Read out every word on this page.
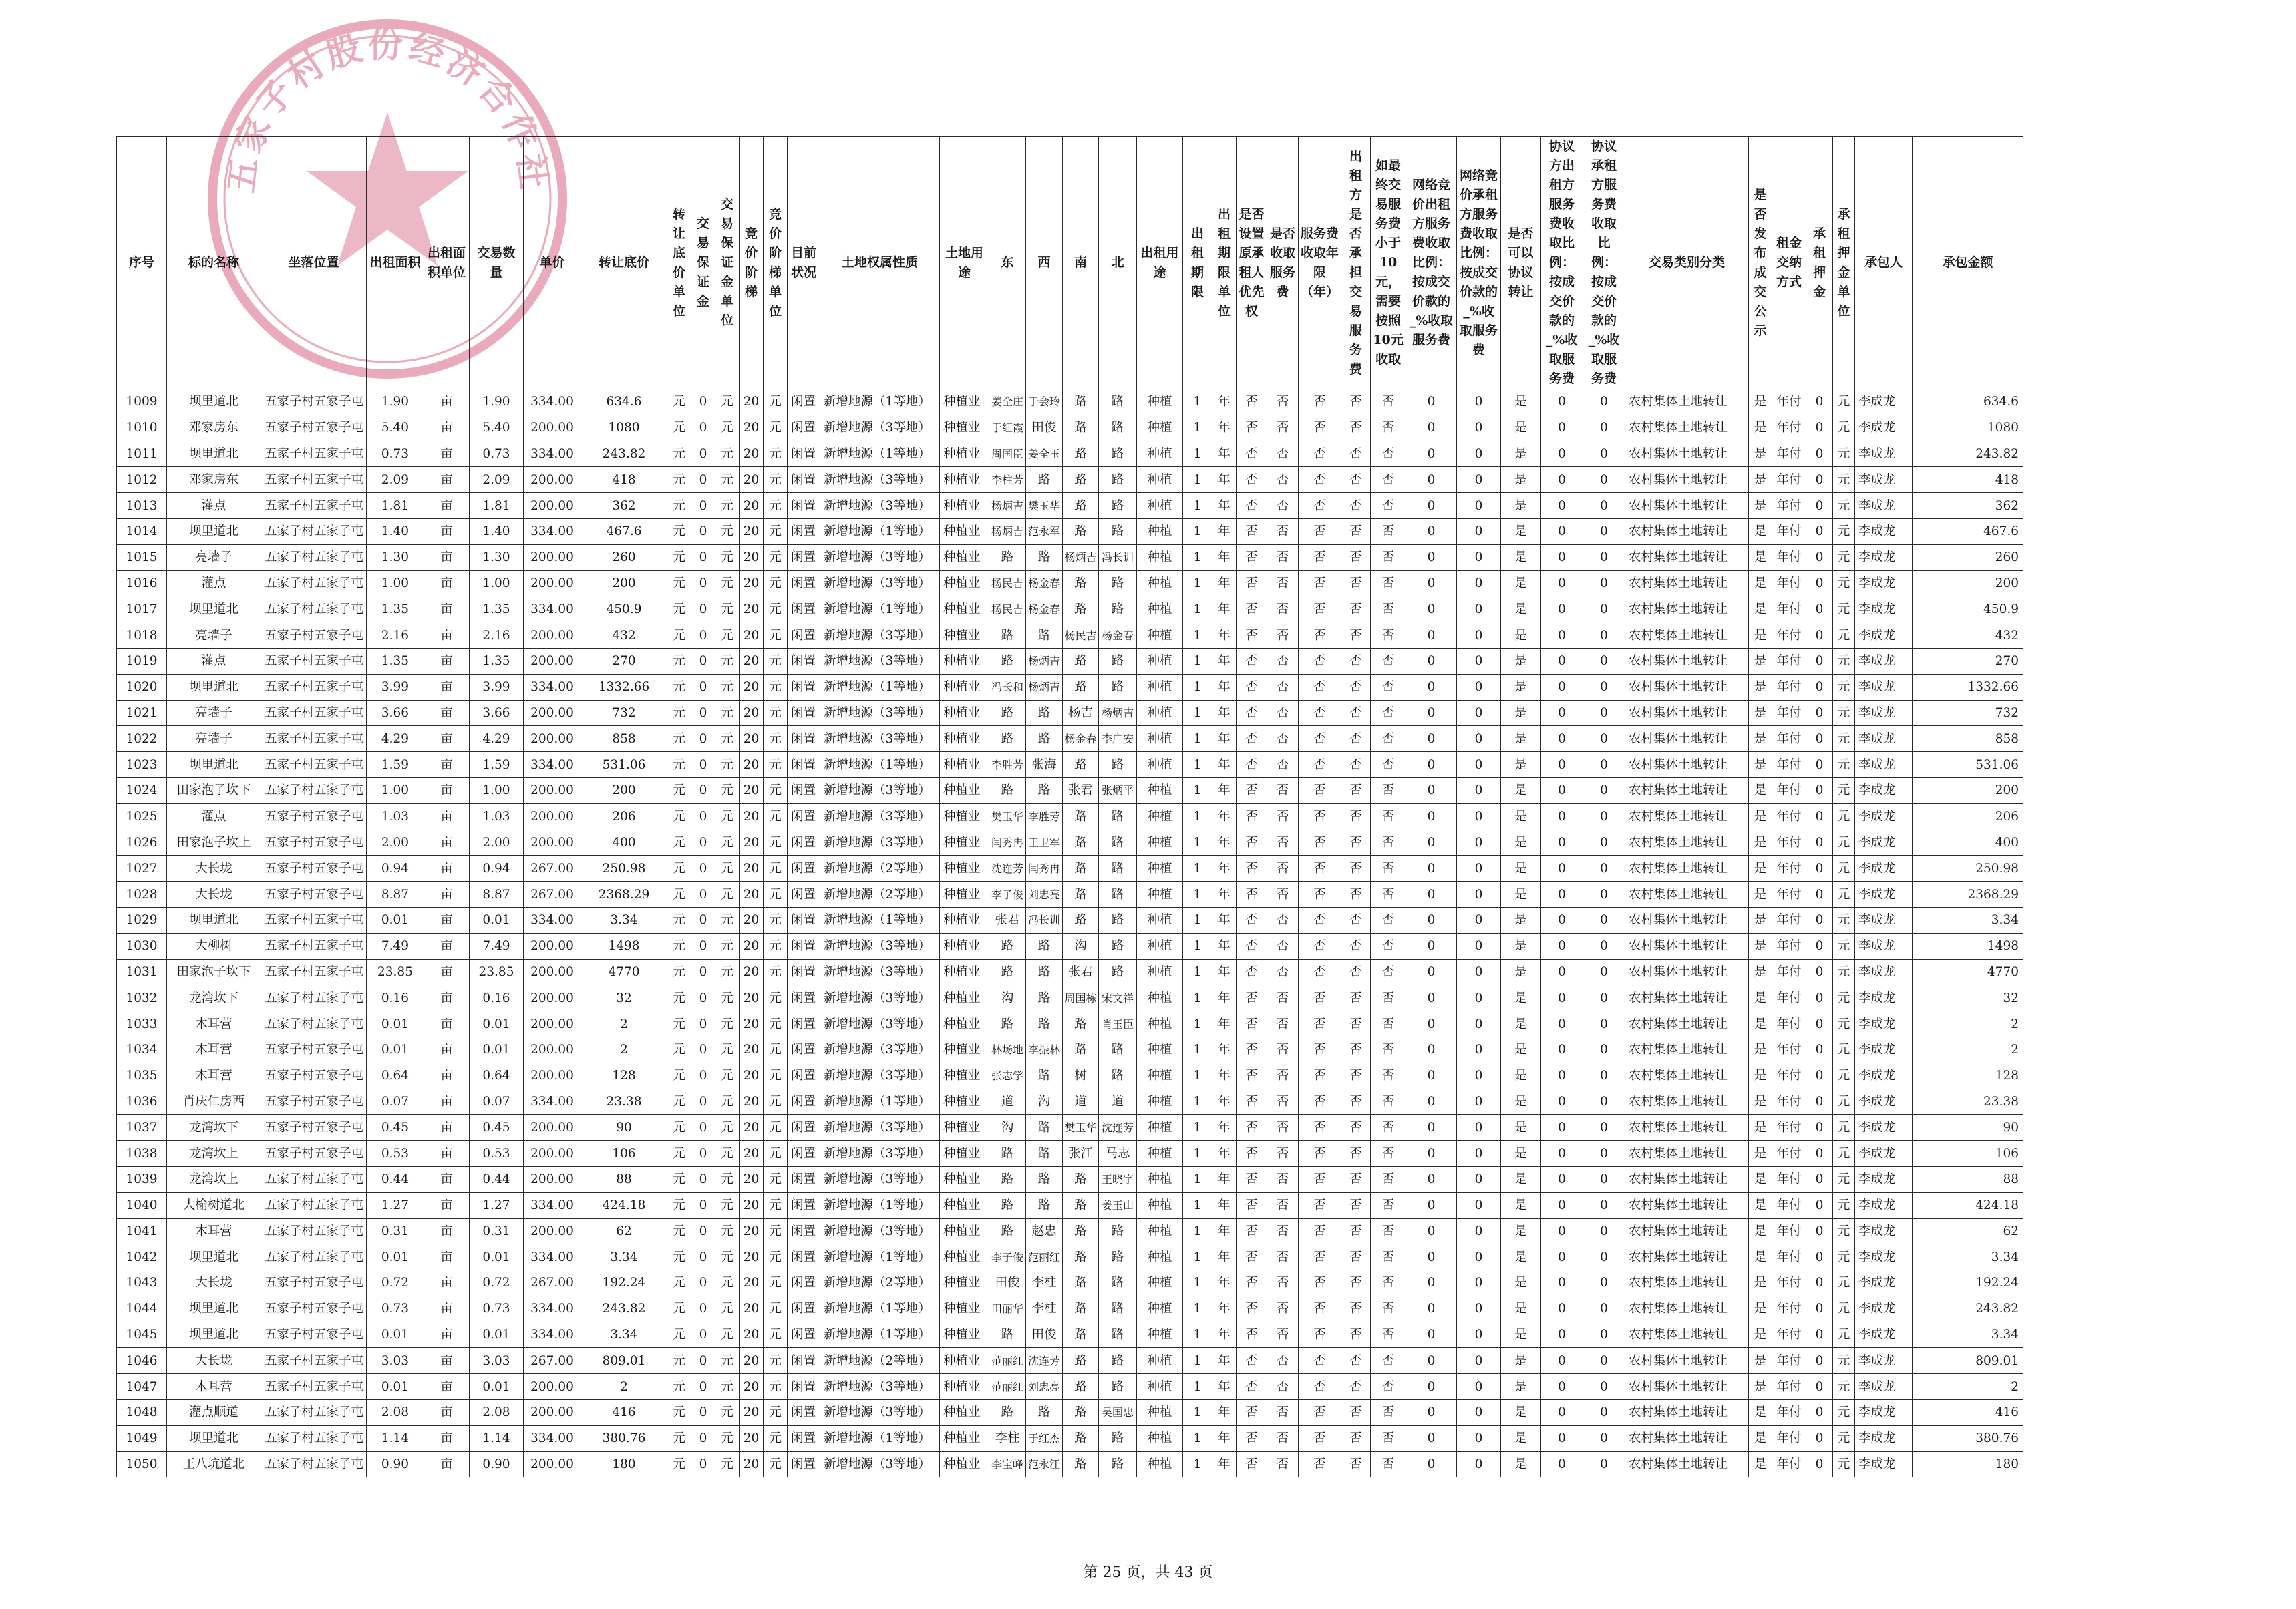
五家子村股份经济合作社
序号	标的名称	坐落位置	出租面积	出租面积单位	交易数量	单价	转让底价	转让底价单位	交易保证金	交易保证金单位	竞价阶梯	竞价阶梯单位	目前状况	土地权属性质	土地用途	东	西	南	北	出租用途	出租期限	出租期限单位	是否设置原承租人优先权	是否收取服务费	服务费收取年限（年）	出租方是否承担交易服务费	如最终交易服务费小于10元，需要按照10元收取	网络竞价出租方服务费收取比例：按成交价款的_%收取服务费	网络竞价承租方服务费收取比例：按成交价款的_%收取服务费	是否可以协议转让	协议方出租方服务费收取比例：按成交价款的_%收取服务费	协议承租方服务费收取比例：按成交价款的_%收取服务费	交易类别分类	是否发布成交公示	租金交纳方式	承租押金	承租押金单位	承包人	承包金额
1009	坝里道北	五家子村五家子屯	1.90	亩	1.90	334.00	634.6	元	0	元	20	元	闲置	新增地源（1等地）	种植业	姜全庄	于会玲	路	路	种植	1	年	否	否	否	否	否	0	0	是	0	0	农村集体土地转让	是	年付	0	元	李成龙	634.6
1010	邓家房东	五家子村五家子屯	5.40	亩	5.40	200.00	1080	元	0	元	20	元	闲置	新增地源（3等地）	种植业	于红霞	田俊	路	路	种植	1	年	否	否	否	否	否	0	0	是	0	0	农村集体土地转让	是	年付	0	元	李成龙	1080
1011	坝里道北	五家子村五家子屯	0.73	亩	0.73	334.00	243.82	元	0	元	20	元	闲置	新增地源（1等地）	种植业	周国臣	姜全玉	路	路	种植	1	年	否	否	否	否	否	0	0	是	0	0	农村集体土地转让	是	年付	0	元	李成龙	243.82
1012	邓家房东	五家子村五家子屯	2.09	亩	2.09	200.00	418	元	0	元	20	元	闲置	新增地源（3等地）	种植业	李柱芳	路	路	路	种植	1	年	否	否	否	否	否	0	0	是	0	0	农村集体土地转让	是	年付	0	元	李成龙	418
1013	灌点	五家子村五家子屯	1.81	亩	1.81	200.00	362	元	0	元	20	元	闲置	新增地源（3等地）	种植业	杨炳吉	樊玉华	路	路	种植	1	年	否	否	否	否	否	0	0	是	0	0	农村集体土地转让	是	年付	0	元	李成龙	362
1014	坝里道北	五家子村五家子屯	1.40	亩	1.40	334.00	467.6	元	0	元	20	元	闲置	新增地源（1等地）	种植业	杨炳吉	范永军	路	路	种植	1	年	否	否	否	否	否	0	0	是	0	0	农村集体土地转让	是	年付	0	元	李成龙	467.6
1015	亮墙子	五家子村五家子屯	1.30	亩	1.30	200.00	260	元	0	元	20	元	闲置	新增地源（3等地）	种植业	路	路	杨炳吉	冯长训	种植	1	年	否	否	否	否	否	0	0	是	0	0	农村集体土地转让	是	年付	0	元	李成龙	260
1016	灌点	五家子村五家子屯	1.00	亩	1.00	200.00	200	元	0	元	20	元	闲置	新增地源（3等地）	种植业	杨民吉	杨金春	路	路	种植	1	年	否	否	否	否	否	0	0	是	0	0	农村集体土地转让	是	年付	0	元	李成龙	200
1017	坝里道北	五家子村五家子屯	1.35	亩	1.35	334.00	450.9	元	0	元	20	元	闲置	新增地源（1等地）	种植业	杨民吉	杨金春	路	路	种植	1	年	否	否	否	否	否	0	0	是	0	0	农村集体土地转让	是	年付	0	元	李成龙	450.9
1018	亮墙子	五家子村五家子屯	2.16	亩	2.16	200.00	432	元	0	元	20	元	闲置	新增地源（3等地）	种植业	路	路	杨民吉	杨金春	种植	1	年	否	否	否	否	否	0	0	是	0	0	农村集体土地转让	是	年付	0	元	李成龙	432
1019	灌点	五家子村五家子屯	1.35	亩	1.35	200.00	270	元	0	元	20	元	闲置	新增地源（3等地）	种植业	路	杨炳吉	路	路	种植	1	年	否	否	否	否	否	0	0	是	0	0	农村集体土地转让	是	年付	0	元	李成龙	270
1020	坝里道北	五家子村五家子屯	3.99	亩	3.99	334.00	1332.66	元	0	元	20	元	闲置	新增地源（1等地）	种植业	冯长和	杨炳吉	路	路	种植	1	年	否	否	否	否	否	0	0	是	0	0	农村集体土地转让	是	年付	0	元	李成龙	1332.66
1021	亮墙子	五家子村五家子屯	3.66	亩	3.66	200.00	732	元	0	元	20	元	闲置	新增地源（3等地）	种植业	路	路	杨吉	杨炳吉	种植	1	年	否	否	否	否	否	0	0	是	0	0	农村集体土地转让	是	年付	0	元	李成龙	732
1022	亮墙子	五家子村五家子屯	4.29	亩	4.29	200.00	858	元	0	元	20	元	闲置	新增地源（3等地）	种植业	路	路	杨金春	李广安	种植	1	年	否	否	否	否	否	0	0	是	0	0	农村集体土地转让	是	年付	0	元	李成龙	858
1023	坝里道北	五家子村五家子屯	1.59	亩	1.59	334.00	531.06	元	0	元	20	元	闲置	新增地源（1等地）	种植业	李胜芳	张海	路	路	种植	1	年	否	否	否	否	否	0	0	是	0	0	农村集体土地转让	是	年付	0	元	李成龙	531.06
1024	田家泡子坎下	五家子村五家子屯	1.00	亩	1.00	200.00	200	元	0	元	20	元	闲置	新增地源（3等地）	种植业	路	路	张君	张炳平	种植	1	年	否	否	否	否	否	0	0	是	0	0	农村集体土地转让	是	年付	0	元	李成龙	200
1025	灌点	五家子村五家子屯	1.03	亩	1.03	200.00	206	元	0	元	20	元	闲置	新增地源（3等地）	种植业	樊玉华	李胜芳	路	路	种植	1	年	否	否	否	否	否	0	0	是	0	0	农村集体土地转让	是	年付	0	元	李成龙	206
1026	田家泡子坎上	五家子村五家子屯	2.00	亩	2.00	200.00	400	元	0	元	20	元	闲置	新增地源（3等地）	种植业	闫秀冉	王卫军	路	路	种植	1	年	否	否	否	否	否	0	0	是	0	0	农村集体土地转让	是	年付	0	元	李成龙	400
1027	大长垅	五家子村五家子屯	0.94	亩	0.94	267.00	250.98	元	0	元	20	元	闲置	新增地源（2等地）	种植业	沈连芳	闫秀冉	路	路	种植	1	年	否	否	否	否	否	0	0	是	0	0	农村集体土地转让	是	年付	0	元	李成龙	250.98
1028	大长垅	五家子村五家子屯	8.87	亩	8.87	267.00	2368.29	元	0	元	20	元	闲置	新增地源（2等地）	种植业	李子俊	刘忠亮	路	路	种植	1	年	否	否	否	否	否	0	0	是	0	0	农村集体土地转让	是	年付	0	元	李成龙	2368.29
1029	坝里道北	五家子村五家子屯	0.01	亩	0.01	334.00	3.34	元	0	元	20	元	闲置	新增地源（1等地）	种植业	张君	冯长训	路	路	种植	1	年	否	否	否	否	否	0	0	是	0	0	农村集体土地转让	是	年付	0	元	李成龙	3.34
1030	大柳树	五家子村五家子屯	7.49	亩	7.49	200.00	1498	元	0	元	20	元	闲置	新增地源（3等地）	种植业	路	路	沟	路	种植	1	年	否	否	否	否	否	0	0	是	0	0	农村集体土地转让	是	年付	0	元	李成龙	1498
1031	田家泡子坎下	五家子村五家子屯	23.85	亩	23.85	200.00	4770	元	0	元	20	元	闲置	新增地源（3等地）	种植业	路	路	张君	路	种植	1	年	否	否	否	否	否	0	0	是	0	0	农村集体土地转让	是	年付	0	元	李成龙	4770
1032	龙湾坎下	五家子村五家子屯	0.16	亩	0.16	200.00	32	元	0	元	20	元	闲置	新增地源（3等地）	种植业	沟	路	周国栋	宋文祥	种植	1	年	否	否	否	否	否	0	0	是	0	0	农村集体土地转让	是	年付	0	元	李成龙	32
1033	木耳营	五家子村五家子屯	0.01	亩	0.01	200.00	2	元	0	元	20	元	闲置	新增地源（3等地）	种植业	路	路	路	肖玉臣	种植	1	年	否	否	否	否	否	0	0	是	0	0	农村集体土地转让	是	年付	0	元	李成龙	2
1034	木耳营	五家子村五家子屯	0.01	亩	0.01	200.00	2	元	0	元	20	元	闲置	新增地源（3等地）	种植业	林场地	李振林	路	路	种植	1	年	否	否	否	否	否	0	0	是	0	0	农村集体土地转让	是	年付	0	元	李成龙	2
1035	木耳营	五家子村五家子屯	0.64	亩	0.64	200.00	128	元	0	元	20	元	闲置	新增地源（3等地）	种植业	张志学	路	树	路	种植	1	年	否	否	否	否	否	0	0	是	0	0	农村集体土地转让	是	年付	0	元	李成龙	128
1036	肖庆仁房西	五家子村五家子屯	0.07	亩	0.07	334.00	23.38	元	0	元	20	元	闲置	新增地源（1等地）	种植业	道	沟	道	道	种植	1	年	否	否	否	否	否	0	0	是	0	0	农村集体土地转让	是	年付	0	元	李成龙	23.38
1037	龙湾坎下	五家子村五家子屯	0.45	亩	0.45	200.00	90	元	0	元	20	元	闲置	新增地源（3等地）	种植业	沟	路	樊玉华	沈连芳	种植	1	年	否	否	否	否	否	0	0	是	0	0	农村集体土地转让	是	年付	0	元	李成龙	90
1038	龙湾坎上	五家子村五家子屯	0.53	亩	0.53	200.00	106	元	0	元	20	元	闲置	新增地源（3等地）	种植业	路	路	张江	马志	种植	1	年	否	否	否	否	否	0	0	是	0	0	农村集体土地转让	是	年付	0	元	李成龙	106
1039	龙湾坎上	五家子村五家子屯	0.44	亩	0.44	200.00	88	元	0	元	20	元	闲置	新增地源（3等地）	种植业	路	路	路	王晓宇	种植	1	年	否	否	否	否	否	0	0	是	0	0	农村集体土地转让	是	年付	0	元	李成龙	88
1040	大榆树道北	五家子村五家子屯	1.27	亩	1.27	334.00	424.18	元	0	元	20	元	闲置	新增地源（1等地）	种植业	路	路	路	姜玉山	种植	1	年	否	否	否	否	否	0	0	是	0	0	农村集体土地转让	是	年付	0	元	李成龙	424.18
1041	木耳营	五家子村五家子屯	0.31	亩	0.31	200.00	62	元	0	元	20	元	闲置	新增地源（3等地）	种植业	路	赵忠	路	路	种植	1	年	否	否	否	否	否	0	0	是	0	0	农村集体土地转让	是	年付	0	元	李成龙	62
1042	坝里道北	五家子村五家子屯	0.01	亩	0.01	334.00	3.34	元	0	元	20	元	闲置	新增地源（1等地）	种植业	李子俊	范丽红	路	路	种植	1	年	否	否	否	否	否	0	0	是	0	0	农村集体土地转让	是	年付	0	元	李成龙	3.34
1043	大长垅	五家子村五家子屯	0.72	亩	0.72	267.00	192.24	元	0	元	20	元	闲置	新增地源（2等地）	种植业	田俊	李柱	路	路	种植	1	年	否	否	否	否	否	0	0	是	0	0	农村集体土地转让	是	年付	0	元	李成龙	192.24
1044	坝里道北	五家子村五家子屯	0.73	亩	0.73	334.00	243.82	元	0	元	20	元	闲置	新增地源（1等地）	种植业	田丽华	李柱	路	路	种植	1	年	否	否	否	否	否	0	0	是	0	0	农村集体土地转让	是	年付	0	元	李成龙	243.82
1045	坝里道北	五家子村五家子屯	0.01	亩	0.01	334.00	3.34	元	0	元	20	元	闲置	新增地源（1等地）	种植业	路	田俊	路	路	种植	1	年	否	否	否	否	否	0	0	是	0	0	农村集体土地转让	是	年付	0	元	李成龙	3.34
1046	大长垅	五家子村五家子屯	3.03	亩	3.03	267.00	809.01	元	0	元	20	元	闲置	新增地源（2等地）	种植业	范丽红	沈连芳	路	路	种植	1	年	否	否	否	否	否	0	0	是	0	0	农村集体土地转让	是	年付	0	元	李成龙	809.01
1047	木耳营	五家子村五家子屯	0.01	亩	0.01	200.00	2	元	0	元	20	元	闲置	新增地源（3等地）	种植业	范丽红	刘忠亮	路	路	种植	1	年	否	否	否	否	否	0	0	是	0	0	农村集体土地转让	是	年付	0	元	李成龙	2
1048	灌点顺道	五家子村五家子屯	2.08	亩	2.08	200.00	416	元	0	元	20	元	闲置	新增地源（3等地）	种植业	路	路	路	吴国忠	种植	1	年	否	否	否	否	否	0	0	是	0	0	农村集体土地转让	是	年付	0	元	李成龙	416
1049	坝里道北	五家子村五家子屯	1.14	亩	1.14	334.00	380.76	元	0	元	20	元	闲置	新增地源（1等地）	种植业	李柱	于红杰	路	路	种植	1	年	否	否	否	否	否	0	0	是	0	0	农村集体土地转让	是	年付	0	元	李成龙	380.76
1050	王八坑道北	五家子村五家子屯	0.90	亩	0.90	200.00	180	元	0	元	20	元	闲置	新增地源（3等地）	种植业	李宝峰	范永江	路	路	种植	1	年	否	否	否	否	否	0	0	是	0	0	农村集体土地转让	是	年付	0	元	李成龙	180
第 25 页，共 43 页
